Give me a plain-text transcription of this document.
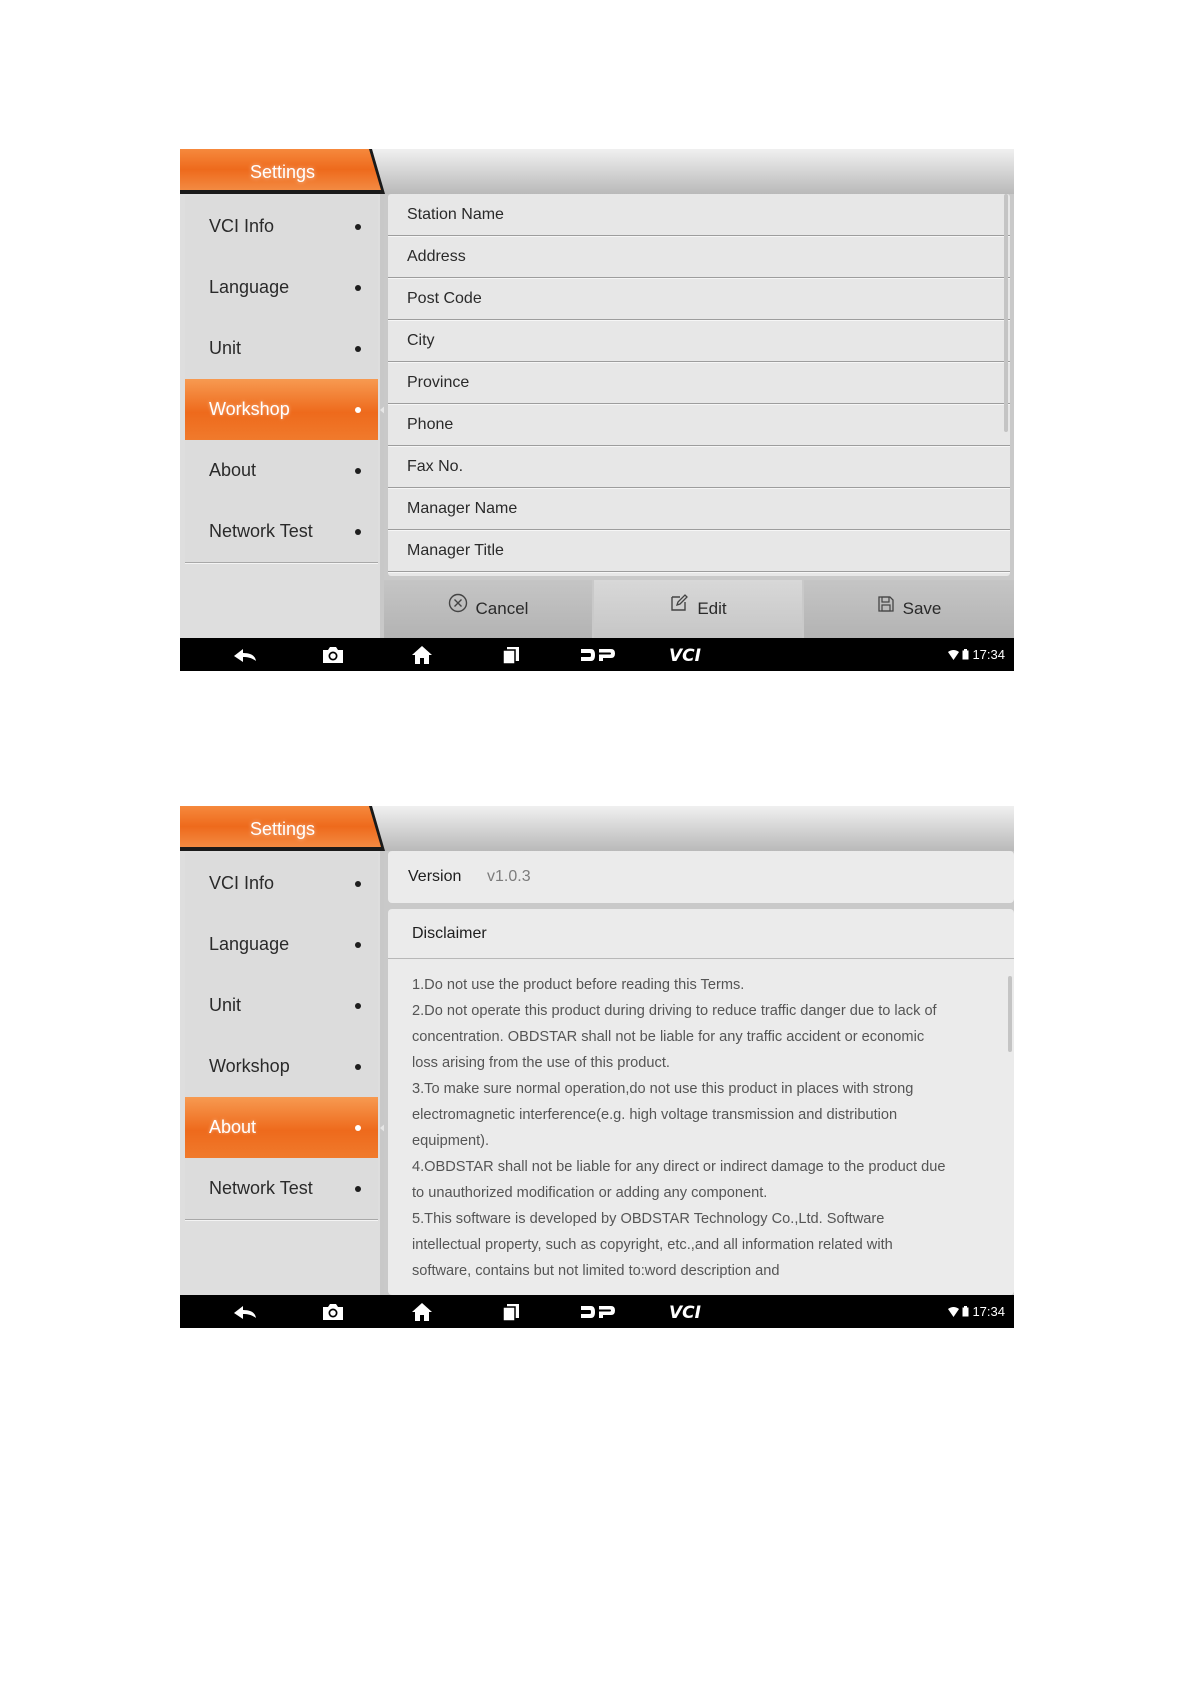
Settings
VCI Info
Language
Unit
Workshop
About
Network Test
Station Name
Address
Post Code
City
Province
Phone
Fax No.
Manager Name
Manager Title
Cancel	Edit	Save
VCI	17:34
Settings
VCI Info
Language
Unit
Workshop
About
Network Test
Version v1.0.3
Disclaimer

1.Do not use the product before reading this Terms.

2.Do not operate this product during driving to reduce traffic danger due to lack of

concentration. OBDSTAR shall not be liable for any traffic accident or economic

loss arising from the use of this product.

3.To make sure normal operation,do not use this product in places with strong

electromagnetic interference(e.g. high voltage transmission and distribution

equipment).

4.OBDSTAR shall not be liable for any direct or indirect damage to the product due

to unauthorized modification or adding any component.

5.This software is developed by OBDSTAR Technology Co.,Ltd. Software

intellectual property, such as copyright, etc.,and all information related with

software, contains but not limited to:word description and

VCI	17:34
